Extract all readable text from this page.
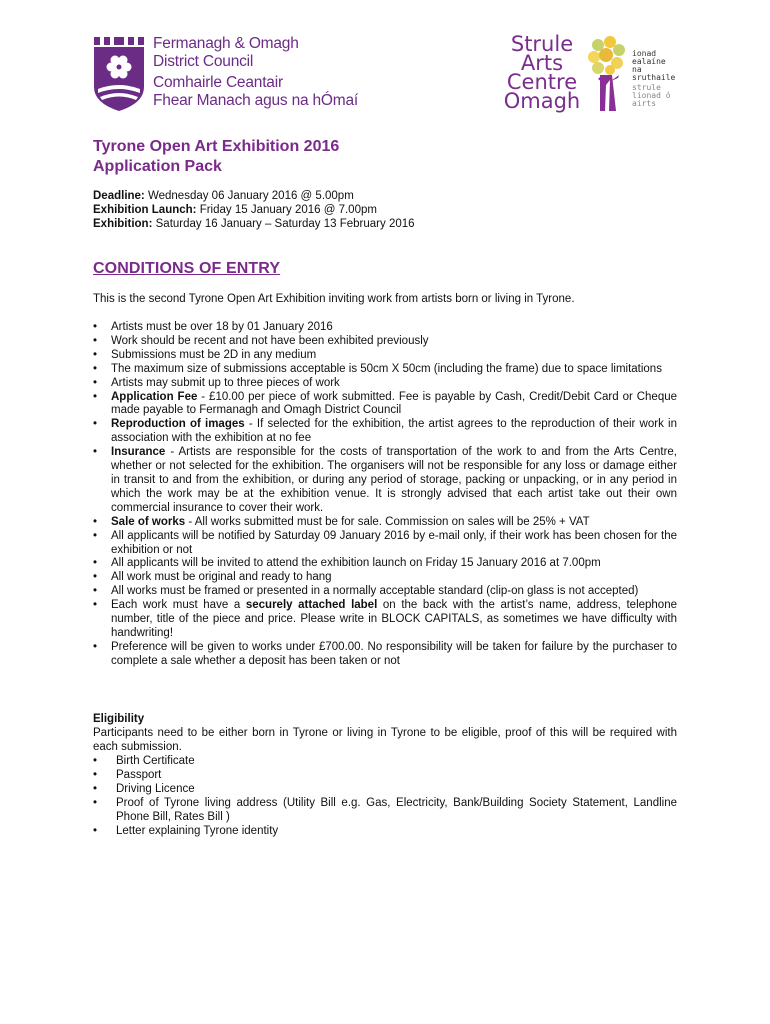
Fermanagh & Omagh
District Council
Comhairle Ceantair
Fhear Manach agus na hÓmaí
Strule
Arts
Centre
Omagh
ionad
ealaíne na
sruthaile
strule
lionad ó
airts
Tyrone Open Art Exhibition 2016
Application Pack
Deadline: Wednesday 06 January 2016 @ 5.00pm
Exhibition Launch: Friday 15 January 2016 @ 7.00pm
Exhibition: Saturday 16 January – Saturday 13 February 2016
CONDITIONS OF ENTRY
This is the second Tyrone Open Art Exhibition inviting work from artists born or living in Tyrone.
• Artists must be over 18 by 01 January 2016
• Work should be recent and not have been exhibited previously
• Submissions must be 2D in any medium
• The maximum size of submissions acceptable is 50cm X 50cm (including the frame) due to space limitations
• Artists may submit up to three pieces of work
• Application Fee - £10.00 per piece of work submitted. Fee is payable by Cash, Credit/Debit Card or Cheque made payable to Fermanagh and Omagh District Council
• Reproduction of images - If selected for the exhibition, the artist agrees to the reproduction of their work in association with the exhibition at no fee
• Insurance - Artists are responsible for the costs of transportation of the work to and from the Arts Centre, whether or not selected for the exhibition. The organisers will not be responsible for any loss or damage either in transit to and from the exhibition, or during any period of storage, packing or unpacking, or in any period in which the work may be at the exhibition venue. It is strongly advised that each artist take out their own commercial insurance to cover their work.
• Sale of works - All works submitted must be for sale. Commission on sales will be 25% + VAT
• All applicants will be notified by Saturday 09 January 2016 by e-mail only, if their work has been chosen for the exhibition or not
• All applicants will be invited to attend the exhibition launch on Friday 15 January 2016 at 7.00pm
• All work must be original and ready to hang
• All works must be framed or presented in a normally acceptable standard (clip-on glass is not accepted)
• Each work must have a securely attached label on the back with the artist’s name, address, telephone number, title of the piece and price. Please write in BLOCK CAPITALS, as sometimes we have difficulty with handwriting!
• Preference will be given to works under £700.00. No responsibility will be taken for failure by the purchaser to complete a sale whether a deposit has been taken or not
Eligibility
Participants need to be either born in Tyrone or living in Tyrone to be eligible, proof of this will be required with each submission.
• Birth Certificate
• Passport
• Driving Licence
• Proof of Tyrone living address (Utility Bill e.g. Gas, Electricity, Bank/Building Society Statement, Landline Phone Bill, Rates Bill )
• Letter explaining Tyrone identity
